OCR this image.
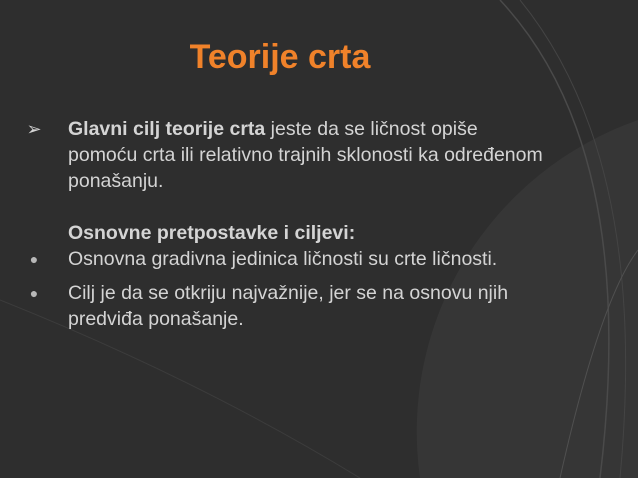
Teorije crta

➢ Glavni cilj teorije crta jeste da se ličnost opiše pomoću crta ili relativno trajnih sklonosti ka određenom ponašanju.

Osnovne pretpostavke i ciljevi:

● Osnovna gradivna jedinica ličnosti su crte ličnosti.

● Cilj je da se otkriju najvažnije, jer se na osnovu njih predviđa ponašanje.
